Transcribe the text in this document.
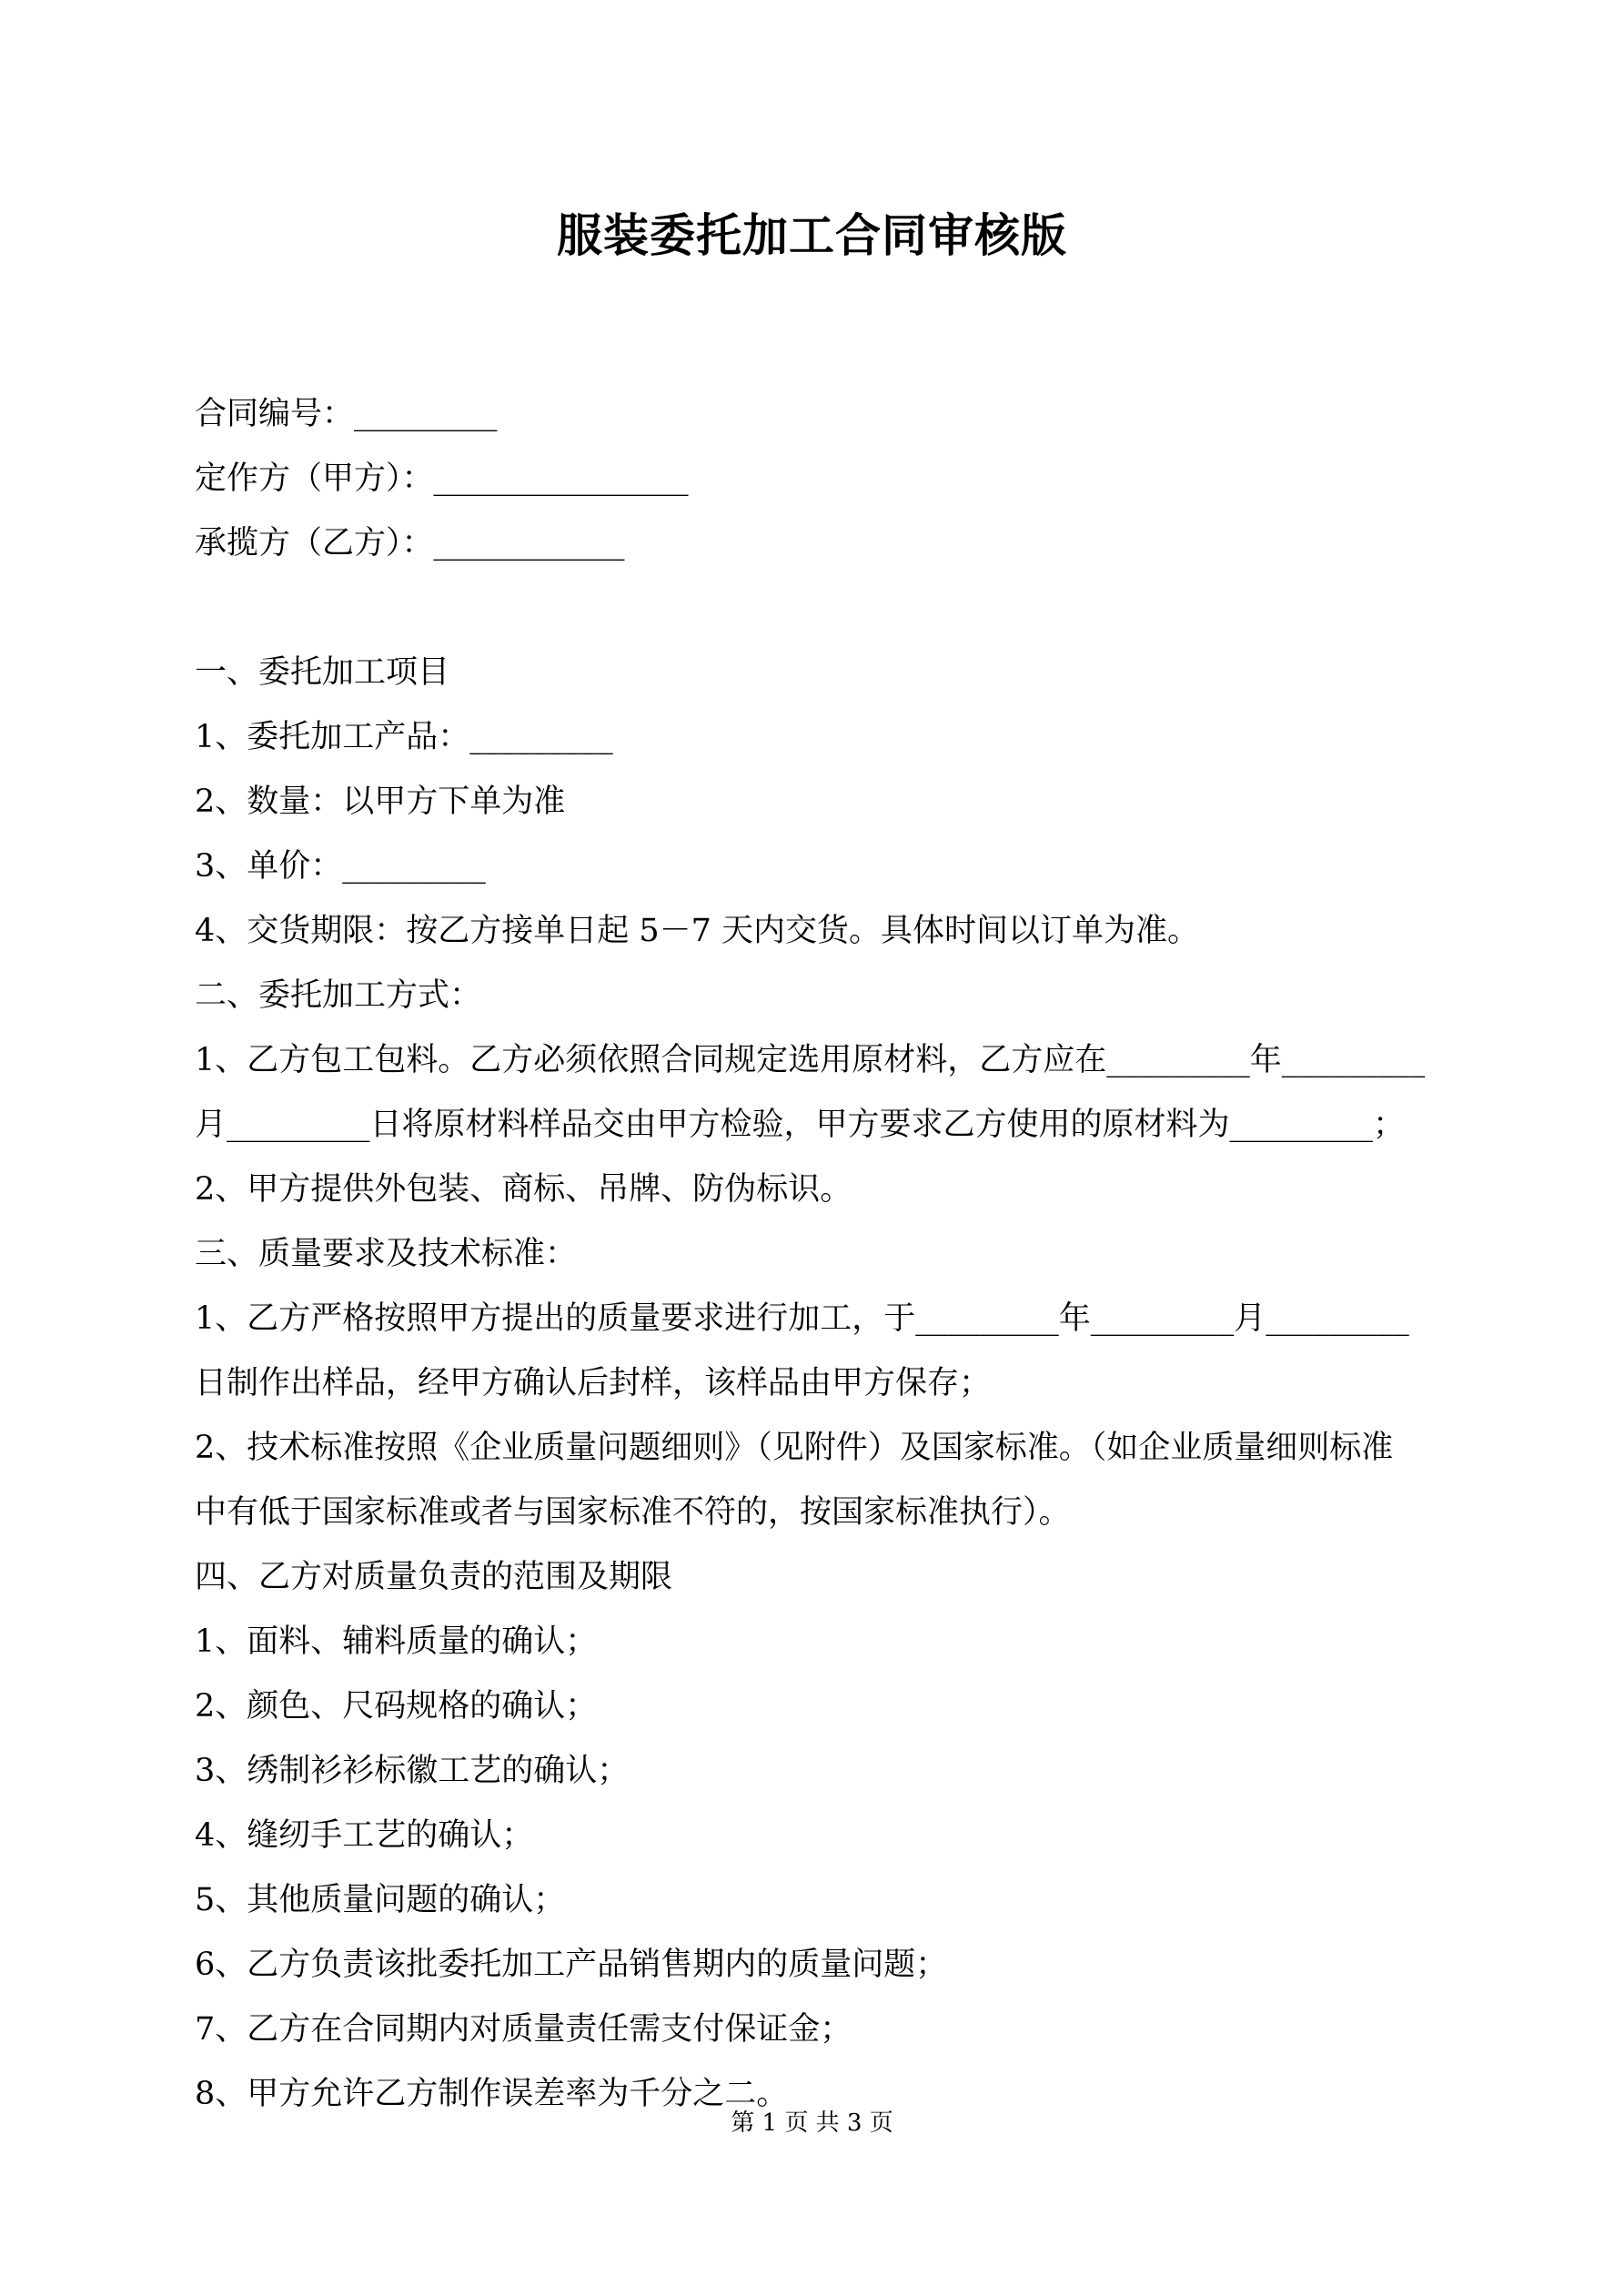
服装委托加工合同审核版
合同编号：_________
定作方（甲方）：________________
承揽方（乙方）：____________
一、委托加工项目
1、委托加工产品：_________
2、数量：以甲方下单为准
3、单价：_________
4、交货期限：按乙方接单日起 5－7 天内交货。具体时间以订单为准。
二、委托加工方式：
1、乙方包工包料。乙方必须依照合同规定选用原材料，乙方应在_________年_________
月_________日将原材料样品交由甲方检验，甲方要求乙方使用的原材料为_________；
2、甲方提供外包装、商标、吊牌、防伪标识。
三、质量要求及技术标准：
1、乙方严格按照甲方提出的质量要求进行加工，于_________年_________月_________
日制作出样品，经甲方确认后封样，该样品由甲方保存；
2、技术标准按照《企业质量问题细则》（见附件）及国家标准。（如企业质量细则标准
中有低于国家标准或者与国家标准不符的，按国家标准执行）。
四、乙方对质量负责的范围及期限
1、面料、辅料质量的确认；
2、颜色、尺码规格的确认；
3、绣制衫衫标徽工艺的确认；
4、缝纫手工艺的确认；
5、其他质量问题的确认；
6、乙方负责该批委托加工产品销售期内的质量问题；
7、乙方在合同期内对质量责任需支付保证金；
8、甲方允许乙方制作误差率为千分之二。
第 1 页 共 3 页
